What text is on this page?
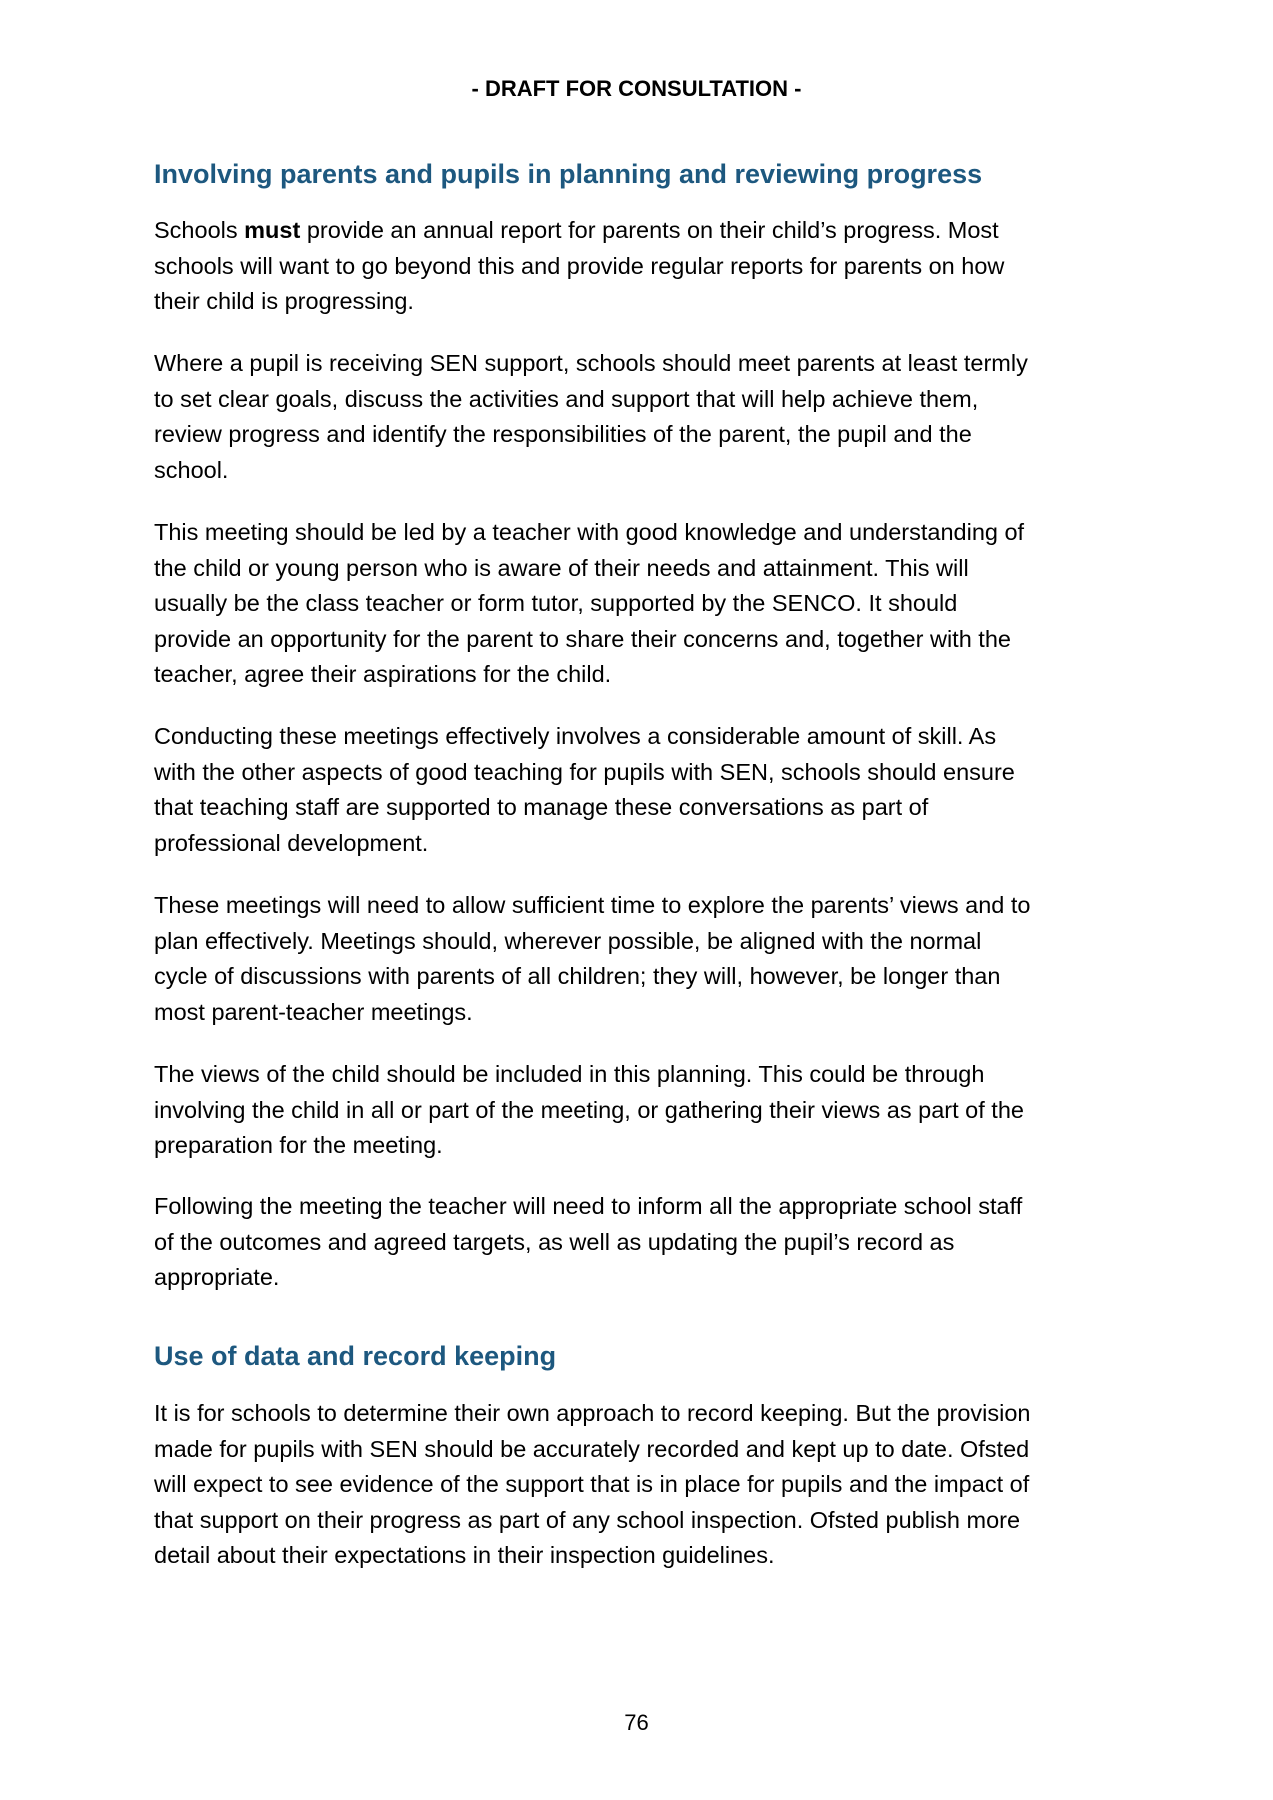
- DRAFT FOR CONSULTATION -
Involving parents and pupils in planning and reviewing progress
Schools must provide an annual report for parents on their child’s progress. Most
schools will want to go beyond this and provide regular reports for parents on how
their child is progressing.
Where a pupil is receiving SEN support, schools should meet parents at least termly
to set clear goals, discuss the activities and support that will help achieve them,
review progress and identify the responsibilities of the parent, the pupil and the
school.
This meeting should be led by a teacher with good knowledge and understanding of
the child or young person who is aware of their needs and attainment. This will
usually be the class teacher or form tutor, supported by the SENCO. It should
provide an opportunity for the parent to share their concerns and, together with the
teacher, agree their aspirations for the child.
Conducting these meetings effectively involves a considerable amount of skill. As
with the other aspects of good teaching for pupils with SEN, schools should ensure
that teaching staff are supported to manage these conversations as part of
professional development.
These meetings will need to allow sufficient time to explore the parents’ views and to
plan effectively. Meetings should, wherever possible, be aligned with the normal
cycle of discussions with parents of all children; they will, however, be longer than
most parent-teacher meetings.
The views of the child should be included in this planning. This could be through
involving the child in all or part of the meeting, or gathering their views as part of the
preparation for the meeting.
Following the meeting the teacher will need to inform all the appropriate school staff
of the outcomes and agreed targets, as well as updating the pupil’s record as
appropriate.
Use of data and record keeping
It is for schools to determine their own approach to record keeping. But the provision
made for pupils with SEN should be accurately recorded and kept up to date. Ofsted
will expect to see evidence of the support that is in place for pupils and the impact of
that support on their progress as part of any school inspection. Ofsted publish more
detail about their expectations in their inspection guidelines.
76
